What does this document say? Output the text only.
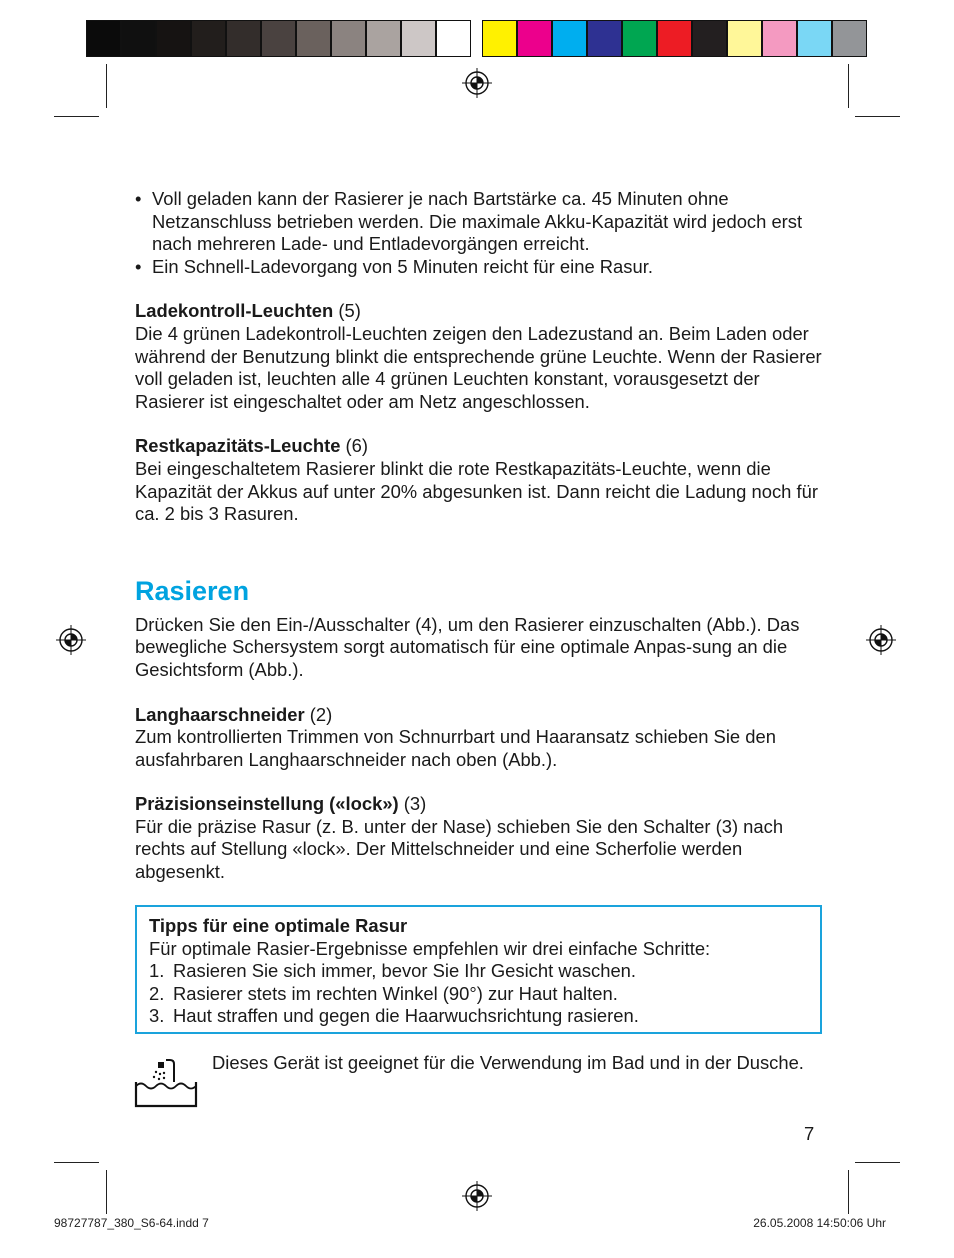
• Voll geladen kann der Rasierer je nach Bartstärke ca. 45 Minuten ohne Netzanschluss betrieben werden. Die maximale Akku-Kapazität wird jedoch erst nach mehreren Lade- und Entladevorgängen erreicht.
• Ein Schnell-Ladevorgang von 5 Minuten reicht für eine Rasur.

Ladekontroll-Leuchten (5)

Die 4 grünen Ladekontroll-Leuchten zeigen den Ladezustand an. Beim Laden oder während der Benutzung blinkt die entsprechende grüne Leuchte. Wenn der Rasierer voll geladen ist, leuchten alle 4 grünen Leuchten konstant, vorausgesetzt der Rasierer ist eingeschaltet oder am Netz angeschlossen.

Restkapazitäts-Leuchte (6)

Bei eingeschaltetem Rasierer blinkt die rote Restkapazitäts-Leuchte, wenn die Kapazität der Akkus auf unter 20% abgesunken ist. Dann reicht die Ladung noch für ca. 2 bis 3 Rasuren.

Rasieren

Drücken Sie den Ein-/Ausschalter (4), um den Rasierer einzuschalten (Abb.). Das bewegliche Schersystem sorgt automatisch für eine optimale Anpas-sung an die Gesichtsform (Abb.).

Langhaarschneider (2)

Zum kontrollierten Trimmen von Schnurrbart und Haaransatz schieben Sie den ausfahrbaren Langhaarschneider nach oben (Abb.).

Präzisionseinstellung («lock») (3)

Für die präzise Rasur (z. B. unter der Nase) schieben Sie den Schalter (3) nach rechts auf Stellung «lock». Der Mittelschneider und eine Scherfolie werden abgesenkt.

Tipps für eine optimale Rasur
Für optimale Rasier-Ergebnisse empfehlen wir drei einfache Schritte:
1. Rasieren Sie sich immer, bevor Sie Ihr Gesicht waschen.
2. Rasierer stets im rechten Winkel (90°) zur Haut halten.
3. Haut straffen und gegen die Haarwuchsrichtung rasieren.

Dieses Gerät ist geeignet für die Verwendung im Bad und in der Dusche.

7
98727787_380_S6-64.indd 7	26.05.2008 14:50:06 Uhr
